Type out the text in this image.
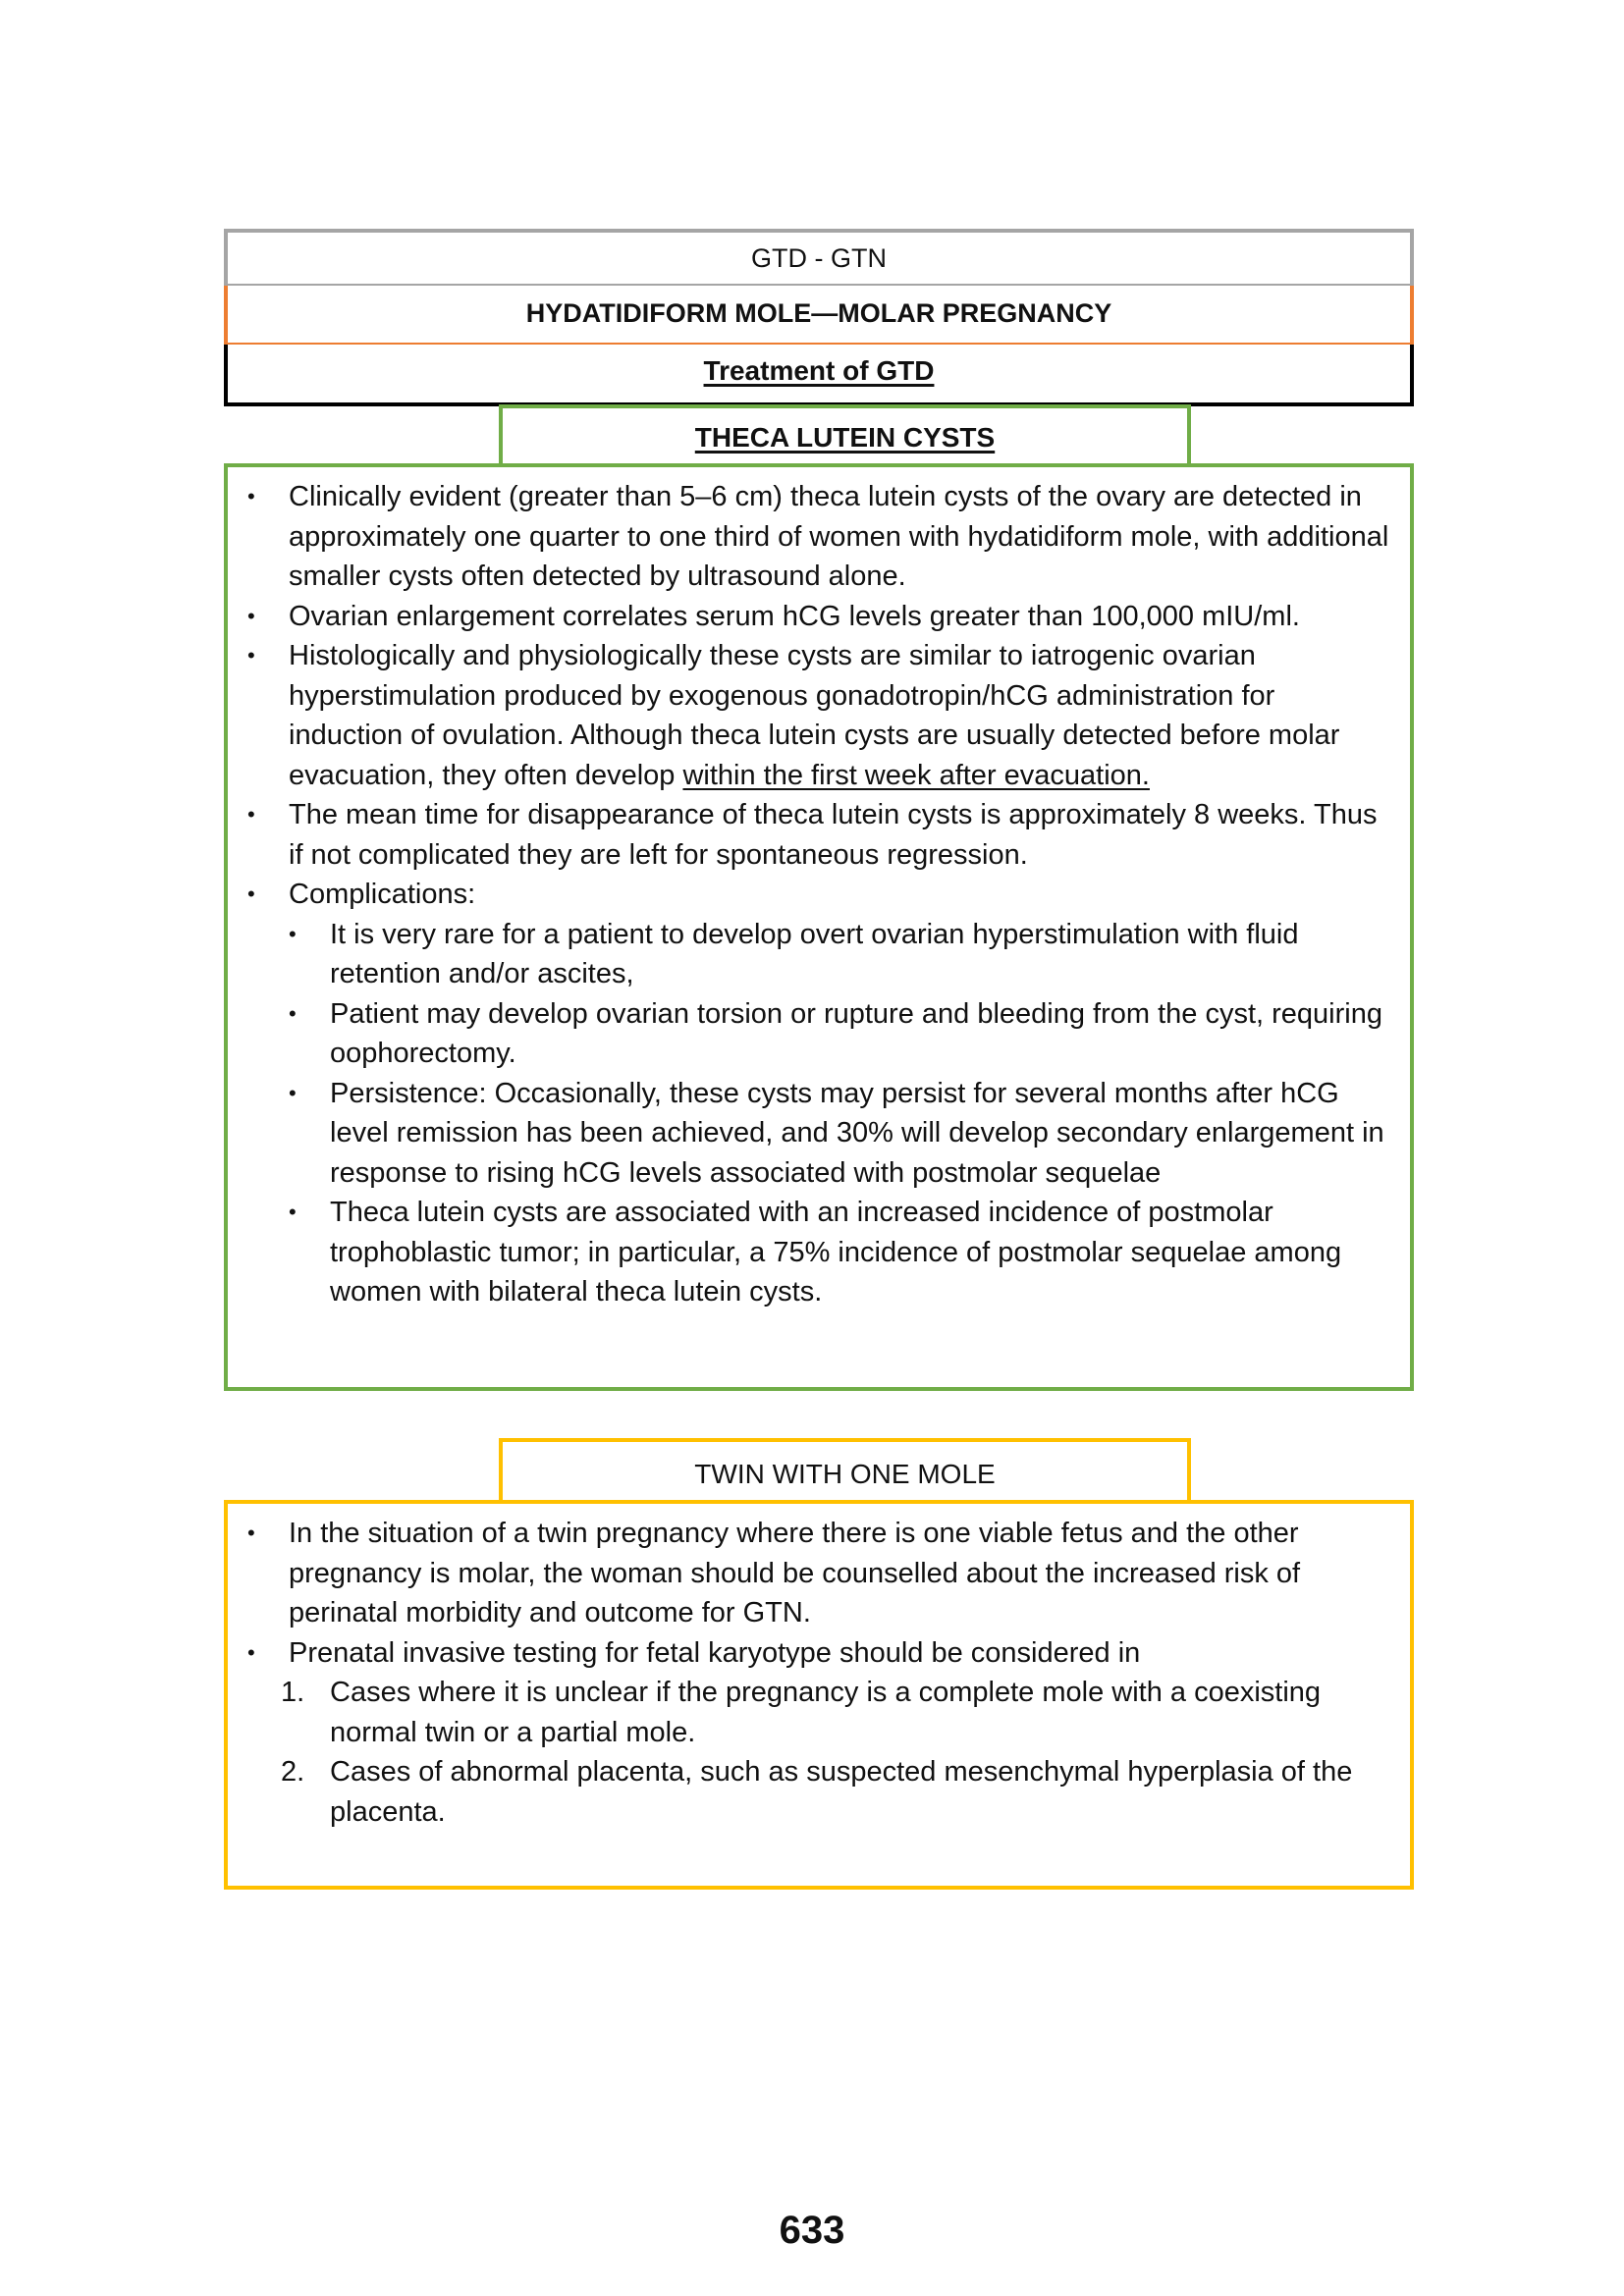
GTD - GTN
HYDATIDIFORM MOLE—MOLAR PREGNANCY
Treatment of GTD
THECA LUTEIN CYSTS
•
Clinically evident (greater than 5–6 cm) theca lutein cysts of the ovary are detected in approximately one quarter to one third of women with hydatidiform mole, with additional smaller cysts often detected by ultrasound alone.
•
Ovarian enlargement correlates serum hCG levels greater than 100,000 mIU/ml.
•
Histologically and physiologically these cysts are similar to iatrogenic ovarian hyperstimulation produced by exogenous gonadotropin/hCG administration for induction of ovulation. Although theca lutein cysts are usually detected before molar evacuation, they often develop within the first week after evacuation.
•
The mean time for disappearance of theca lutein cysts is approximately 8 weeks. Thus if not complicated they are left for spontaneous regression.
•
Complications:
•
It is very rare for a patient to develop overt ovarian hyperstimulation with fluid retention and/or ascites,
•
Patient may develop ovarian torsion or rupture and bleeding from the cyst, requiring oophorectomy.
•
Persistence: Occasionally, these cysts may persist for several months after hCG level remission has been achieved, and 30% will develop secondary enlargement in response to rising hCG levels associated with postmolar sequelae
•
Theca lutein cysts are associated with an increased incidence of postmolar trophoblastic tumor; in particular, a 75% incidence of postmolar sequelae among women with bilateral theca lutein cysts.
TWIN WITH ONE MOLE
•
In the situation of a twin pregnancy where there is one viable fetus and the other pregnancy is molar, the woman should be counselled about the increased risk of perinatal morbidity and outcome for GTN.
•
Prenatal invasive testing for fetal karyotype should be considered in
1. Cases where it is unclear if the pregnancy is a complete mole with a coexisting normal twin or a partial mole.
2. Cases of abnormal placenta, such as suspected mesenchymal hyperplasia of the placenta.
633
